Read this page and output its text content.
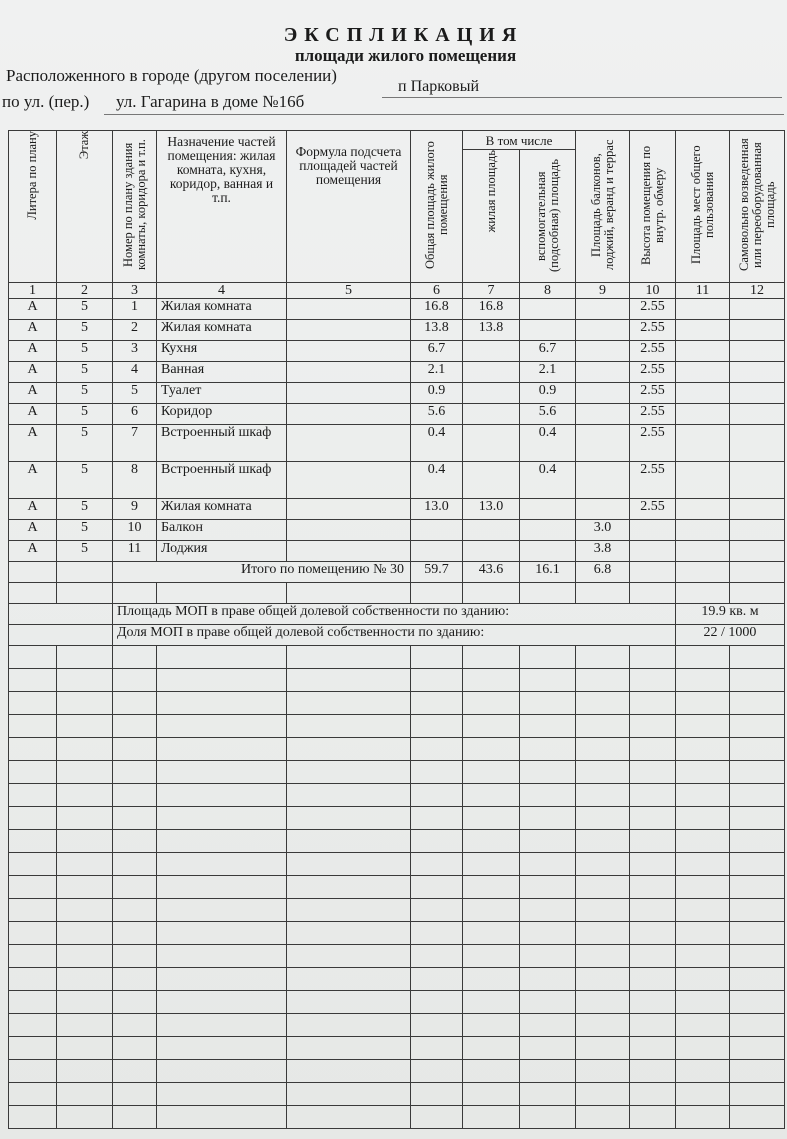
ЭКСПЛИКАЦИЯ
площади жилого помещения
Расположенного в городе (другом поселении)
п Парковый
по ул. (пер.) ул. Гагарина в доме №16б
Литера по плану	Этаж	Номер по плану здания комнаты, коридора и т.п.	Назначение частей помещения: жилая комната, кухня, коридор, ванная и т.п.	Формула подсчета площадей частей помещения	Общая площадь жилого помещения	В том числе		Площадь балконов, лоджий, веранд и террас	Высота помещения по внутр. обмеру	Площадь мест общего пользования	Самовольно возведенная или переоборудованная площадь

						жилая площадь	вспомогательная (подсобная) площадь				

1	2	3	4	5	6	7	8	9	10	11	12
А	5	1	Жилая комната		16.8	16.8			2.55		
А	5	2	Жилая комната		13.8	13.8			2.55		
А	5	3	Кухня		6.7		6.7		2.55		
А	5	4	Ванная		2.1		2.1		2.55		
А	5	5	Туалет		0.9		0.9		2.55		
А	5	6	Коридор		5.6		5.6		2.55		
А	5	7	Встроенный шкаф		0.4		0.4		2.55		
А	5	8	Встроенный шкаф		0.4		0.4		2.55		
А	5	9	Жилая комната		13.0	13.0			2.55		
А	5	10	Балкон					3.0			
А	5	11	Лоджия					3.8			
		Итого по помещению № 30			59.7	43.6	16.1	6.8			

		Площадь МОП в праве общей долевой собственности по зданию:								19.9 кв. м	
		Доля МОП в праве общей долевой собственности по зданию:								22 / 1000	
